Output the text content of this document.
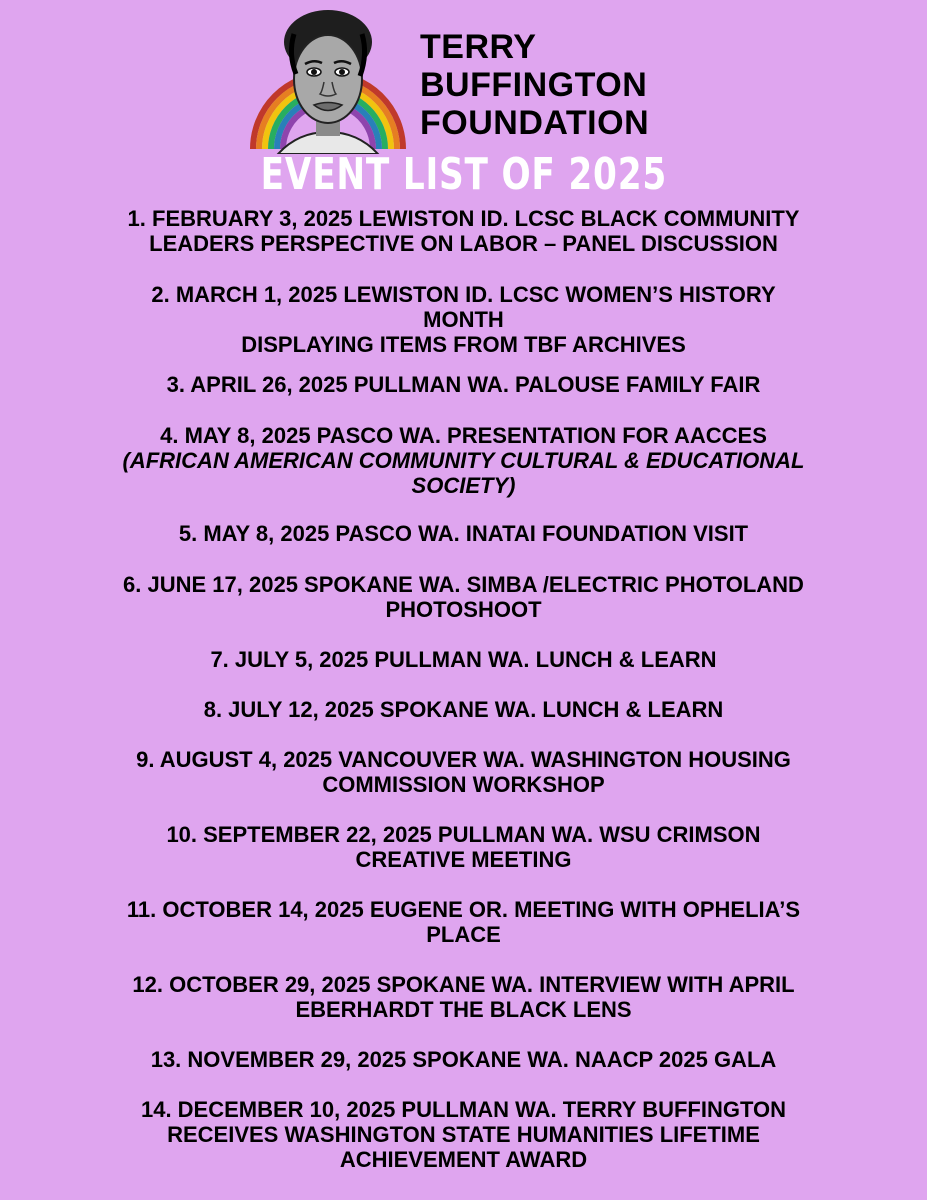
TERRY
BUFFINGTON
FOUNDATION
EVENT LIST OF 2025
1. FEBRUARY 3, 2025 LEWISTON ID. LCSC BLACK COMMUNITY
LEADERS PERSPECTIVE ON LABOR – PANEL DISCUSSION
2. MARCH 1, 2025 LEWISTON ID. LCSC WOMEN’S HISTORY
MONTH
DISPLAYING ITEMS FROM TBF ARCHIVES
3. APRIL 26, 2025 PULLMAN WA. PALOUSE FAMILY FAIR
4. MAY 8, 2025 PASCO WA. PRESENTATION FOR AACCES
(AFRICAN AMERICAN COMMUNITY CULTURAL & EDUCATIONAL
SOCIETY)
5. MAY 8, 2025 PASCO WA. INATAI FOUNDATION VISIT
6. JUNE 17, 2025 SPOKANE WA. SIMBA /ELECTRIC PHOTOLAND
PHOTOSHOOT
7. JULY 5, 2025 PULLMAN WA. LUNCH & LEARN
8. JULY 12, 2025 SPOKANE WA. LUNCH & LEARN
9. AUGUST 4, 2025 VANCOUVER WA. WASHINGTON HOUSING
COMMISSION WORKSHOP
10. SEPTEMBER 22, 2025 PULLMAN WA. WSU CRIMSON
CREATIVE MEETING
11. OCTOBER 14, 2025 EUGENE OR. MEETING WITH OPHELIA’S
PLACE
12. OCTOBER 29, 2025 SPOKANE WA. INTERVIEW WITH APRIL
EBERHARDT THE BLACK LENS
13. NOVEMBER 29, 2025 SPOKANE WA. NAACP 2025 GALA
14. DECEMBER 10, 2025 PULLMAN WA. TERRY BUFFINGTON
RECEIVES WASHINGTON STATE HUMANITIES LIFETIME
ACHIEVEMENT AWARD
